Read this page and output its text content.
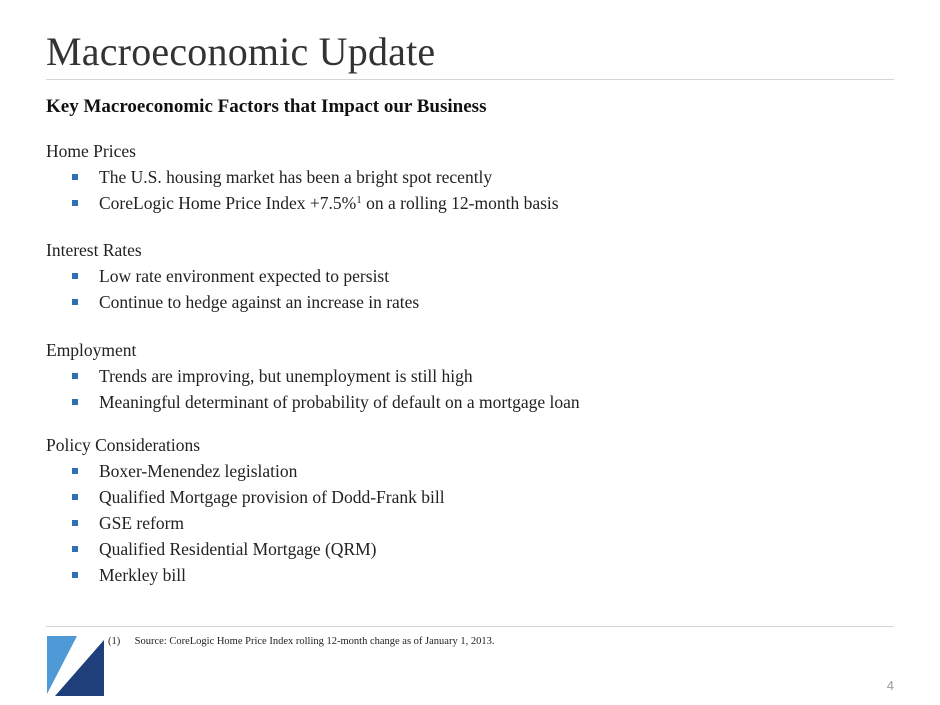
Macroeconomic Update
Key Macroeconomic Factors that Impact our Business
Home Prices
The U.S. housing market has been a bright spot recently
CoreLogic Home Price Index +7.5%$^1$ on a rolling 12-month basis
Interest Rates
Low rate environment expected to persist
Continue to hedge against an increase in rates
Employment
Trends are improving, but unemployment is still high
Meaningful determinant of probability of default on a mortgage loan
Policy Considerations
Boxer-Menendez legislation
Qualified Mortgage provision of Dodd-Frank bill
GSE reform
Qualified Residential Mortgage (QRM)
Merkley bill
(1) Source: CoreLogic Home Price Index rolling 12-month change as of January 1, 2013.
4
